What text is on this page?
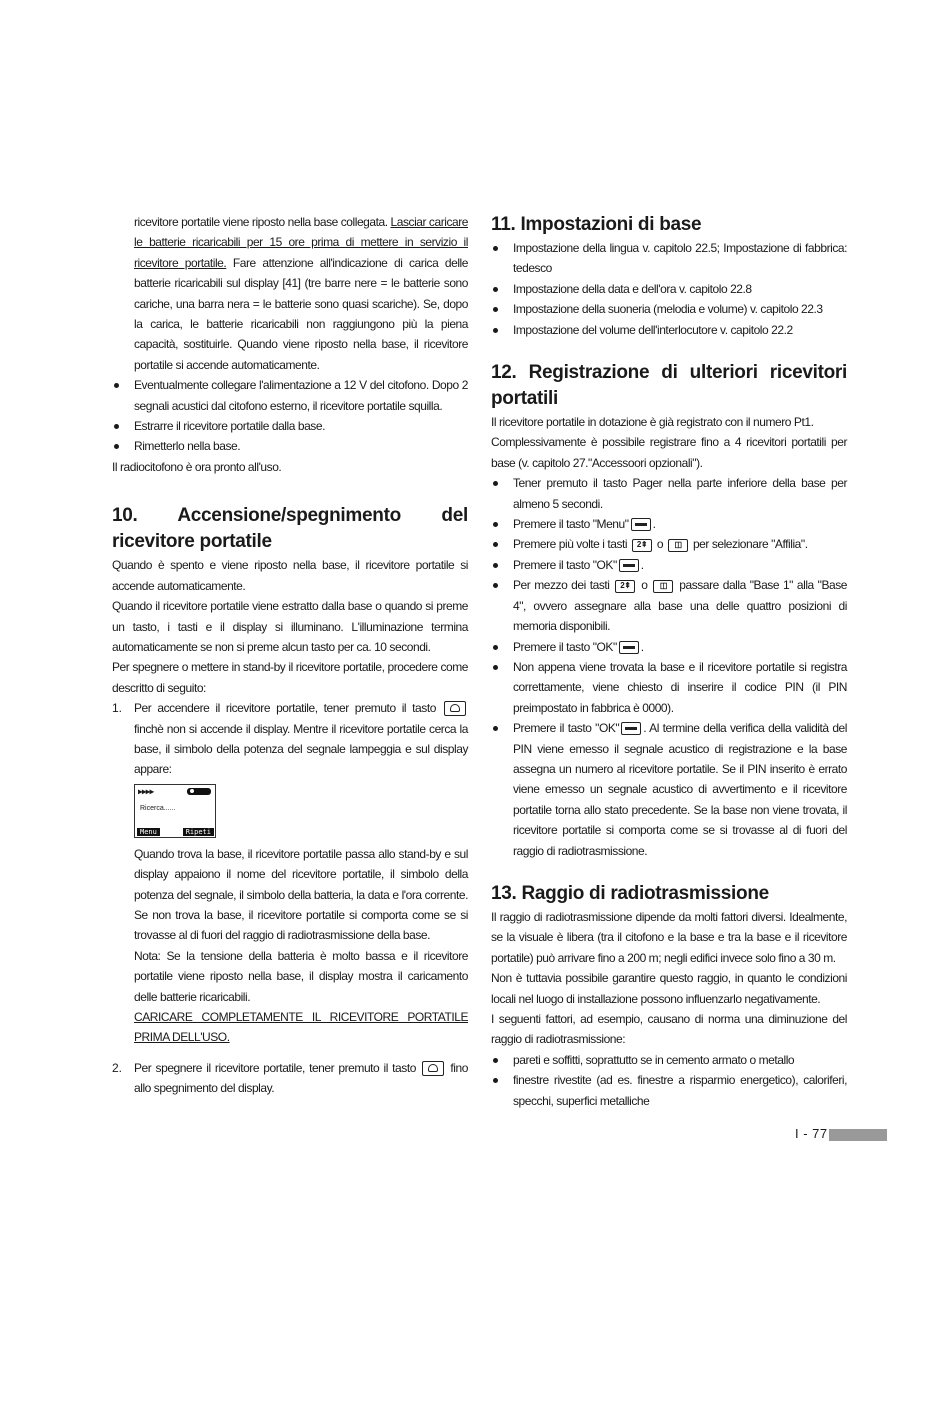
ricevitore portatile viene riposto nella base collegata. Lasciar caricare le batterie ricaricabili per 15 ore prima di mettere in servizio il ricevitore portatile. Fare attenzione all'indicazione di carica delle batterie ricaricabili sul display [41] (tre barre nere = le batterie sono cariche, una barra nera = le batterie sono quasi scariche). Se, dopo la carica, le batterie ricaricabili non raggiungono più la piena capacità, sostituirle. Quando viene riposto nella base, il ricevitore portatile si accende automaticamente.

Eventualmente collegare l'alimentazione a 12 V del citofono. Dopo 2 segnali acustici dal citofono esterno, il ricevitore portatile squilla.
Estrarre il ricevitore portatile dalla base.
Rimetterlo nella base.

Il radiocitofono è ora pronto all'uso.

10. Accensione/spegnimento del ricevitore portatile

Quando è spento e viene riposto nella base, il ricevitore portatile si accende automaticamente.

Quando il ricevitore portatile viene estratto dalla base o quando si preme un tasto, i tasti e il display si illuminano. L'illuminazione termina automaticamente se non si preme alcun tasto per ca. 10 secondi.

Per spegnere o mettere in stand-by il ricevitore portatile, procedere come descritto di seguito:

1. Per accendere il ricevitore portatile, tener premuto il tasto
finchè non si accende il display. Mentre il ricevitore portatile cerca la base, il simbolo della potenza del segnale lampeggia e sul display appare:

▶▶▶▶
Ricerca......
Menu	Ripeti

Quando trova la base, il ricevitore portatile passa allo stand-by e sul display appaiono il nome del ricevitore portatile, il simbolo della potenza del segnale, il simbolo della batteria, la data e l'ora corrente. Se non trova la base, il ricevitore portatile si comporta come se si trovasse al di fuori del raggio di radiotrasmissione della base.

Nota: Se la tensione della batteria è molto bassa e il ricevitore portatile viene riposto nella base, il display mostra il caricamento delle batterie ricaricabili.

CARICARE COMPLETAMENTE IL RICEVITORE PORTATILE PRIMA DELL'USO.

2. Per spegnere il ricevitore portatile, tener premuto il tasto	fino allo spegnimento del display.

11. Impostazioni di base
Impostazione della lingua v. capitolo 22.5; Impostazione di fabbrica: tedesco
Impostazione della data e dell'ora v. capitolo 22.8
Impostazione della suoneria (melodia e volume) v. capitolo 22.3
Impostazione del volume dell'interlocutore v. capitolo 22.2
12. Registrazione di ulteriori ricevitori portatili

Il ricevitore portatile in dotazione è già registrato con il numero Pt1.

Complessivamente è possibile registrare fino a 4 ricevitori portatili per base (v. capitolo 27."Accessoori opzionali").

Tener premuto il tasto Pager nella parte inferiore della base per almeno 5 secondi.
Premere il tasto "Menu" .
Premere più volte i tasti 2⇞ o ◫ per selezionare "Affilia".
Premere il tasto "OK" .
Per mezzo dei tasti 2⇞ o ◫ passare dalla "Base 1" alla "Base 4", ovvero assegnare alla base una delle quattro posizioni di memoria disponibili.
Premere il tasto "OK" .
Non appena viene trovata la base e il ricevitore portatile si registra correttamente, viene chiesto di inserire il codice PIN (il PIN preimpostato in fabbrica è 0000).
Premere il tasto "OK" . Al termine della verifica della validità del PIN viene emesso il segnale acustico di registrazione e la base assegna un numero al ricevitore portatile. Se il PIN inserito è errato viene emesso un segnale acustico di avvertimento e il ricevitore portatile torna allo stato precedente. Se la base non viene trovata, il ricevitore portatile si comporta come se si trovasse al di fuori del raggio di radiotrasmissione.
13. Raggio di radiotrasmissione

Il raggio di radiotrasmissione dipende da molti fattori diversi. Idealmente, se la visuale è libera (tra il citofono e la base e tra la base e il ricevitore portatile) può arrivare fino a 200 m; negli edifici invece solo fino a 30 m.

Non è tuttavia possibile garantire questo raggio, in quanto le condizioni locali nel luogo di installazione possono influenzarlo negativamente.

I seguenti fattori, ad esempio, causano di norma una diminuzione del raggio di radiotrasmissione:

pareti e soffitti, soprattutto se in cemento armato o metallo
finestre rivestite (ad es. finestre a risparmio energetico), caloriferi, specchi, superfici metalliche
I - 77
